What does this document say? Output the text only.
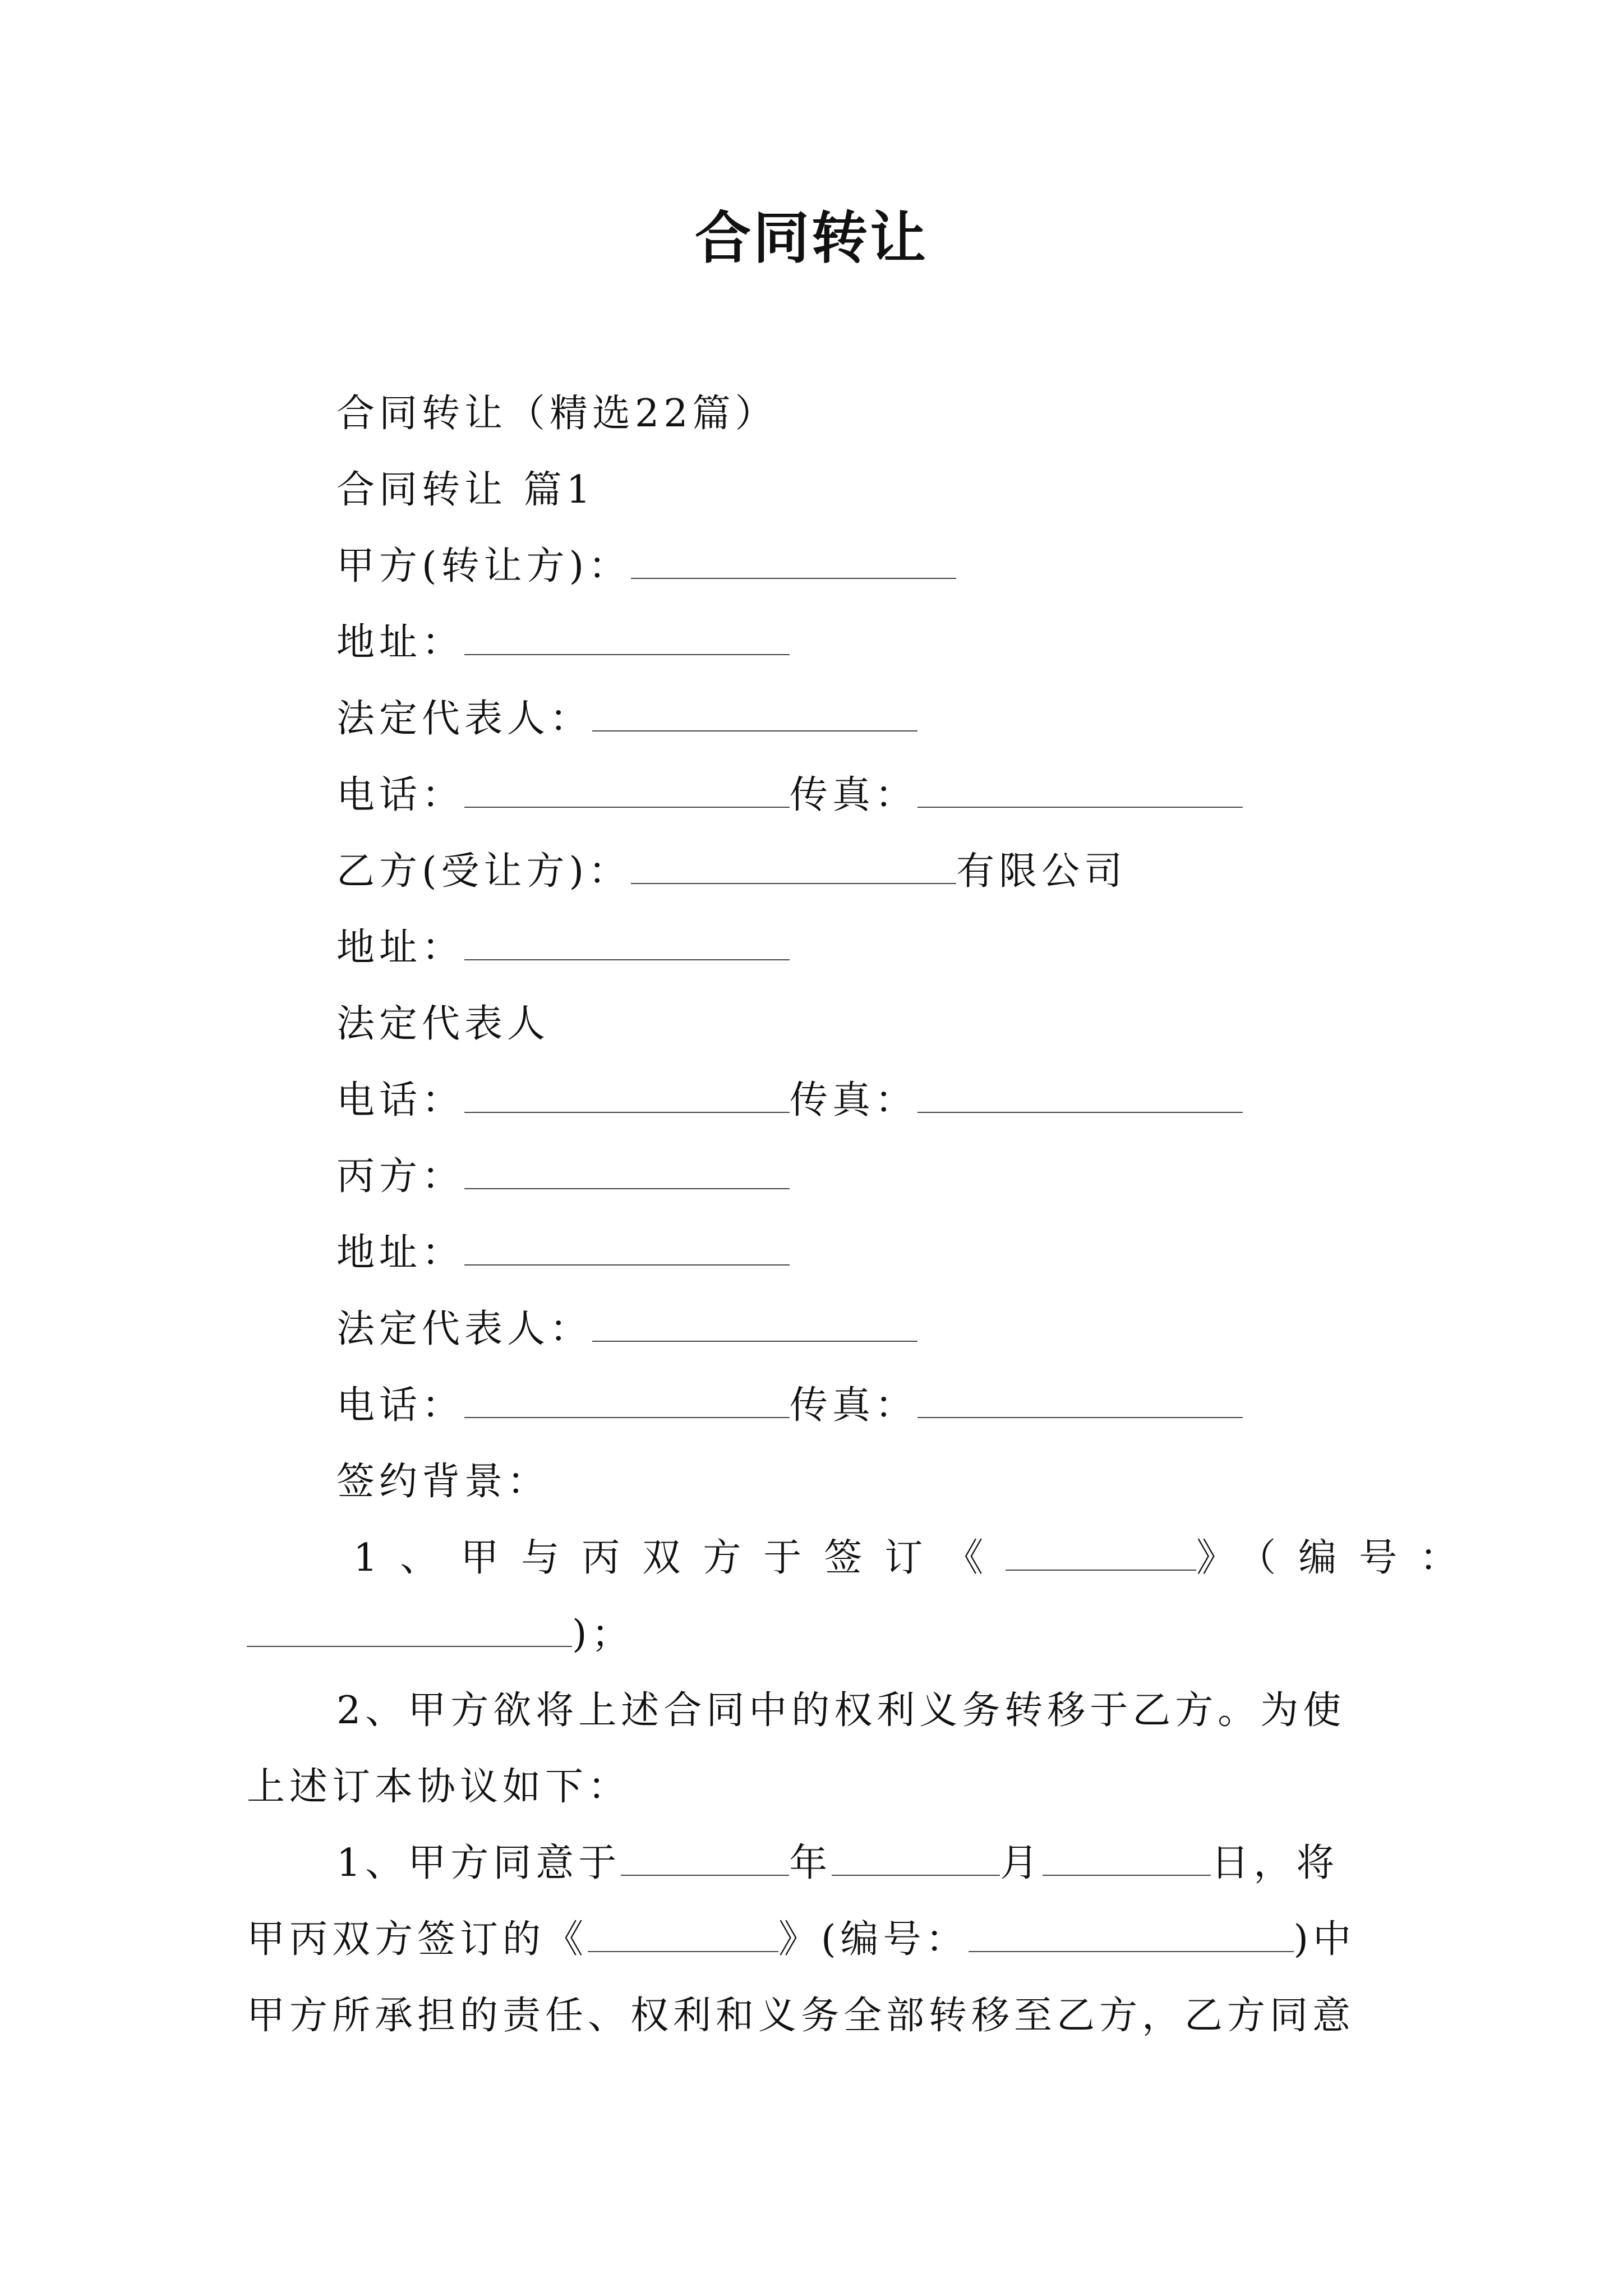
合同转让
合同转让（精选22篇）
合同转让 篇1
甲方(转让方)：
地址：
法定代表人：
电话：	传真：
乙方(受让方)：	有限公司
地址：
法定代表人
电话：	传真：
丙方：
地址：
法定代表人：
电话：	传真：
签约背景：
1、甲与丙双方于签订《	》（编号：
)；
2、甲方欲将上述合同中的权利义务转移于乙方。为使
上述订本协议如下：
1、甲方同意于	年	月	日，将
甲丙双方签订的《	》(编号：	)中
甲方所承担的责任、权利和义务全部转移至乙方，乙方同意
